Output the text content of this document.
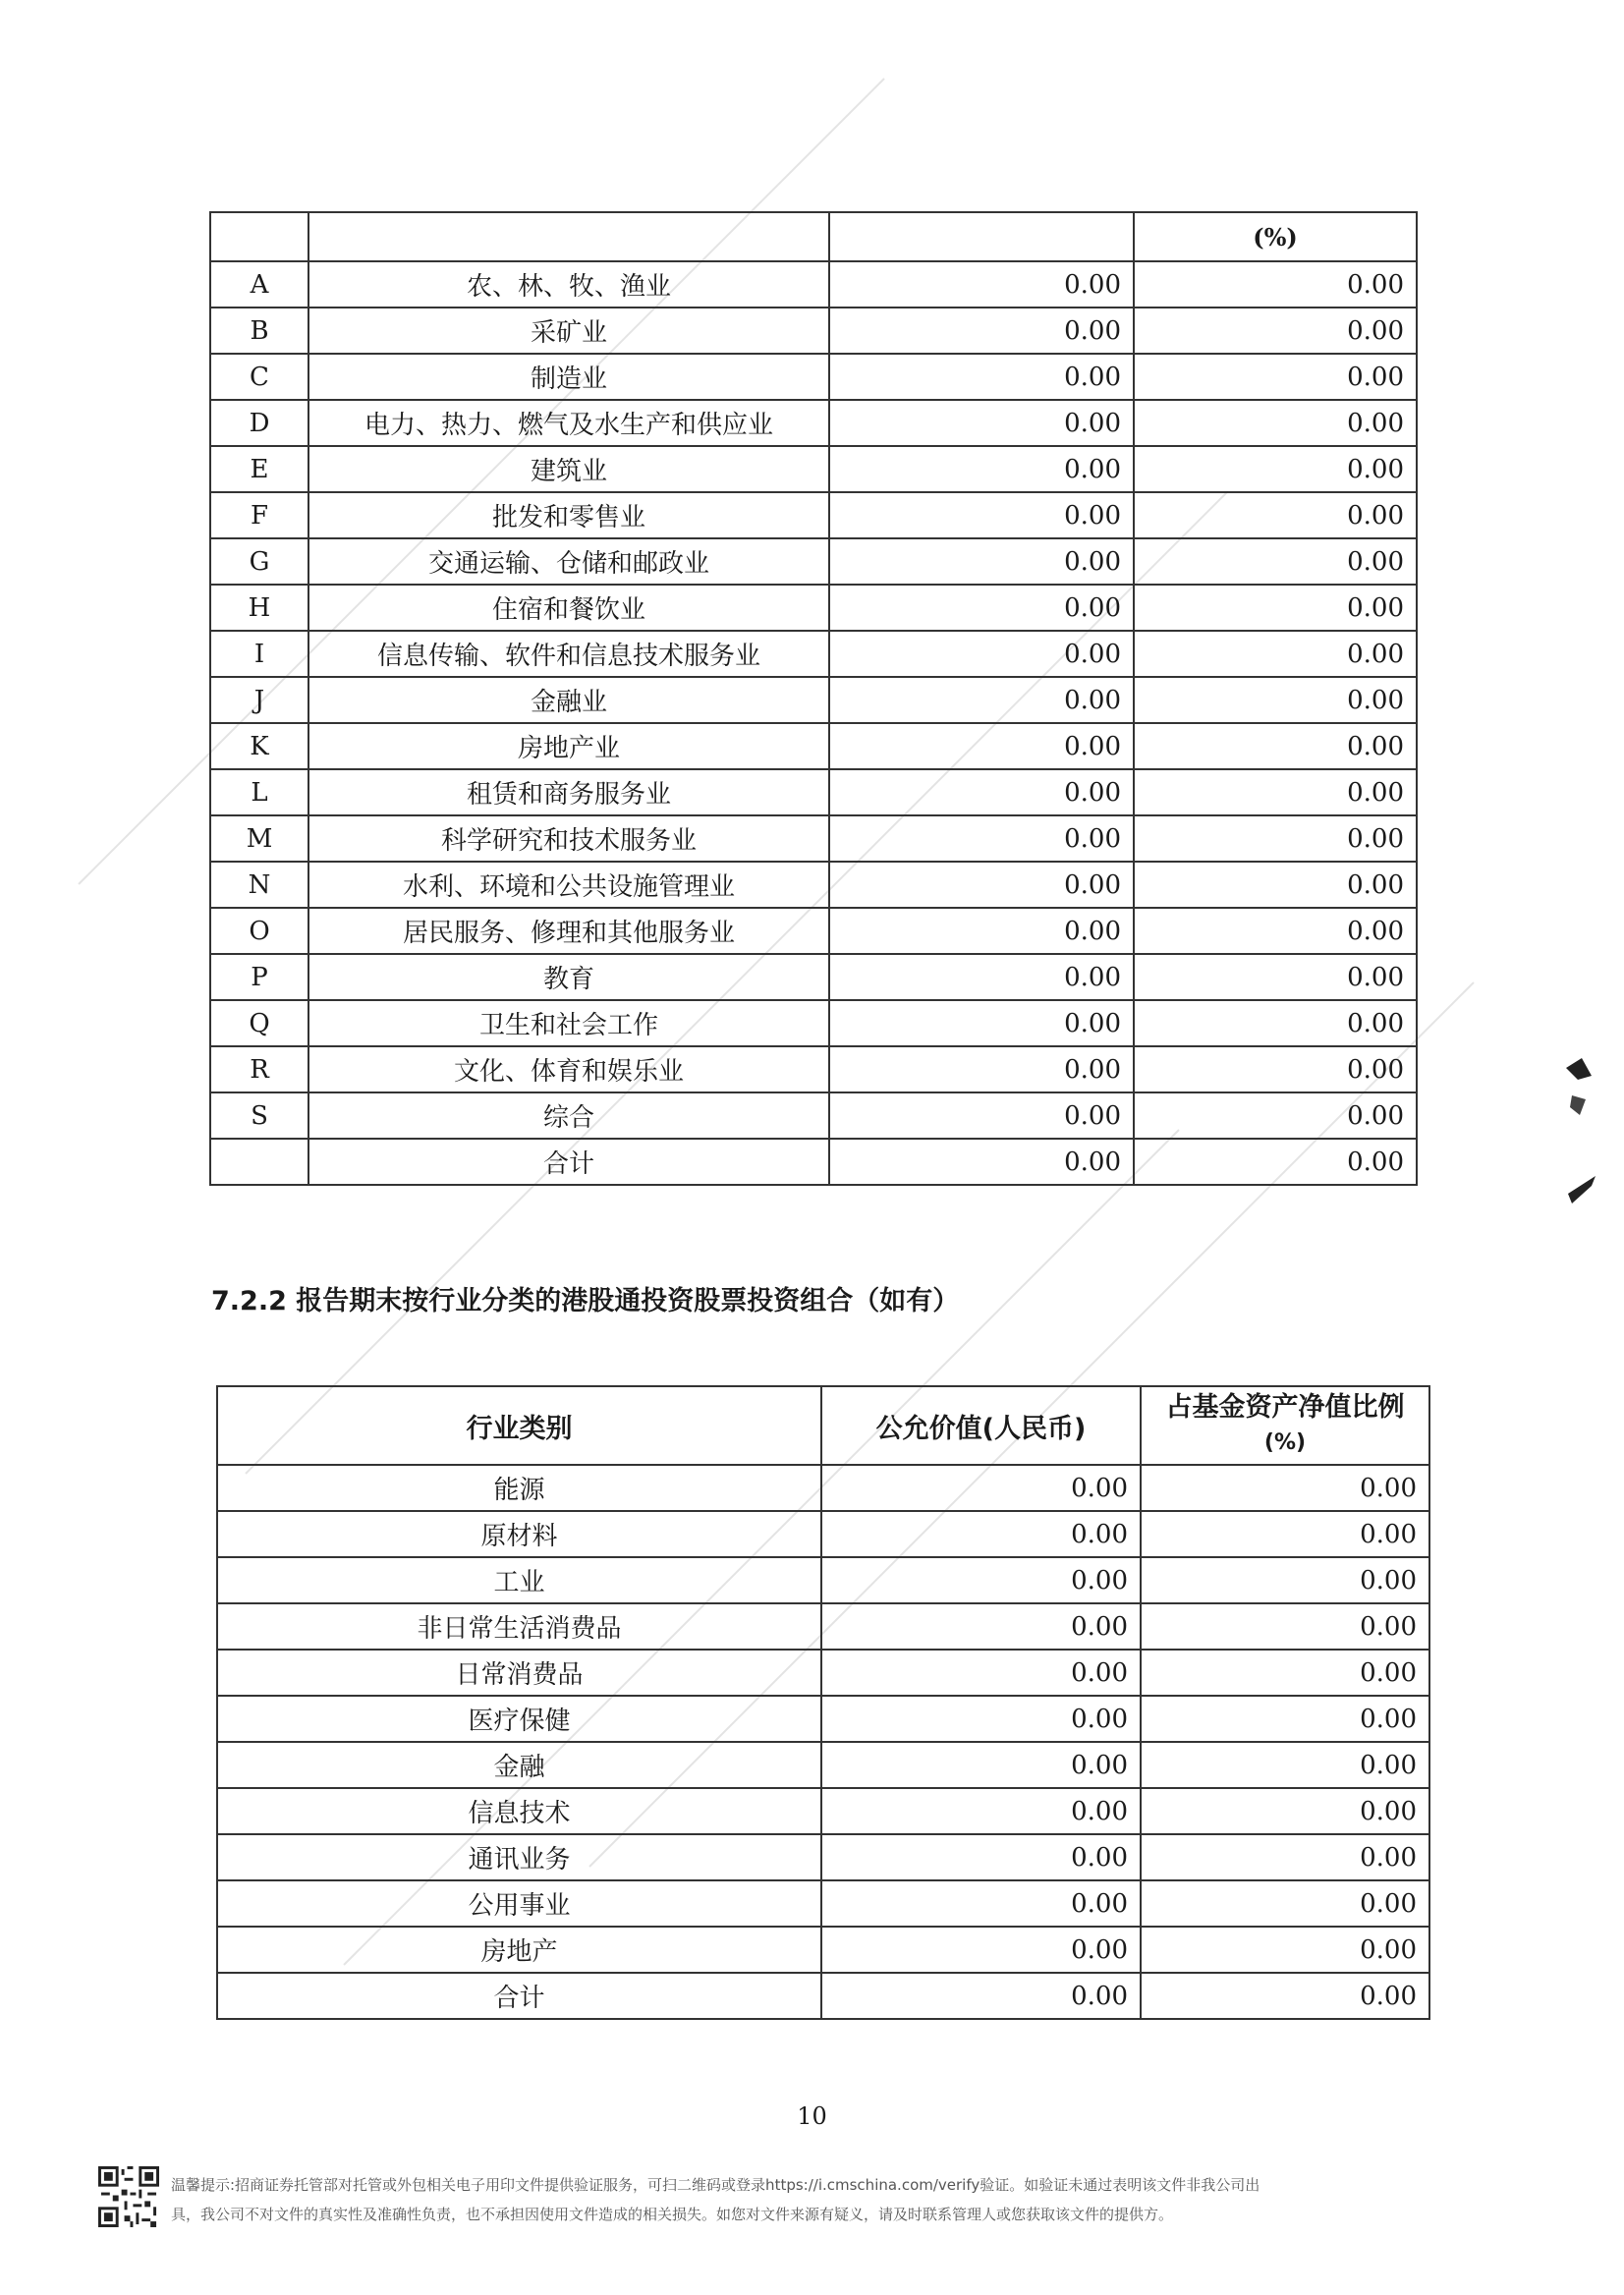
			(%)
A	农、林、牧、渔业	0.00	0.00
B	采矿业	0.00	0.00
C	制造业	0.00	0.00
D	电力、热力、燃气及水生产和供应业	0.00	0.00
E	建筑业	0.00	0.00
F	批发和零售业	0.00	0.00
G	交通运输、仓储和邮政业	0.00	0.00
H	住宿和餐饮业	0.00	0.00
I	信息传输、软件和信息技术服务业	0.00	0.00
J	金融业	0.00	0.00
K	房地产业	0.00	0.00
L	租赁和商务服务业	0.00	0.00
M	科学研究和技术服务业	0.00	0.00
N	水利、环境和公共设施管理业	0.00	0.00
O	居民服务、修理和其他服务业	0.00	0.00
P	教育	0.00	0.00
Q	卫生和社会工作	0.00	0.00
R	文化、体育和娱乐业	0.00	0.00
S	综合	0.00	0.00
	合计	0.00	0.00
7.2.2 报告期末按行业分类的港股通投资股票投资组合（如有）
行业类别	公允价值(人民币)	占基金资产净值比例
(%)

能源	0.00	0.00
原材料	0.00	0.00
工业	0.00	0.00
非日常生活消费品	0.00	0.00
日常消费品	0.00	0.00
医疗保健	0.00	0.00
金融	0.00	0.00
信息技术	0.00	0.00
通讯业务	0.00	0.00
公用事业	0.00	0.00
房地产	0.00	0.00
合计	0.00	0.00
10
温馨提示:招商证券托管部对托管或外包相关电子用印文件提供验证服务，可扫二维码或登录https://i.cmschina.com/verify验证。如验证未通过表明该文件非我公司出
具，我公司不对文件的真实性及准确性负责，也不承担因使用文件造成的相关损失。如您对文件来源有疑义，请及时联系管理人或您获取该文件的提供方。
